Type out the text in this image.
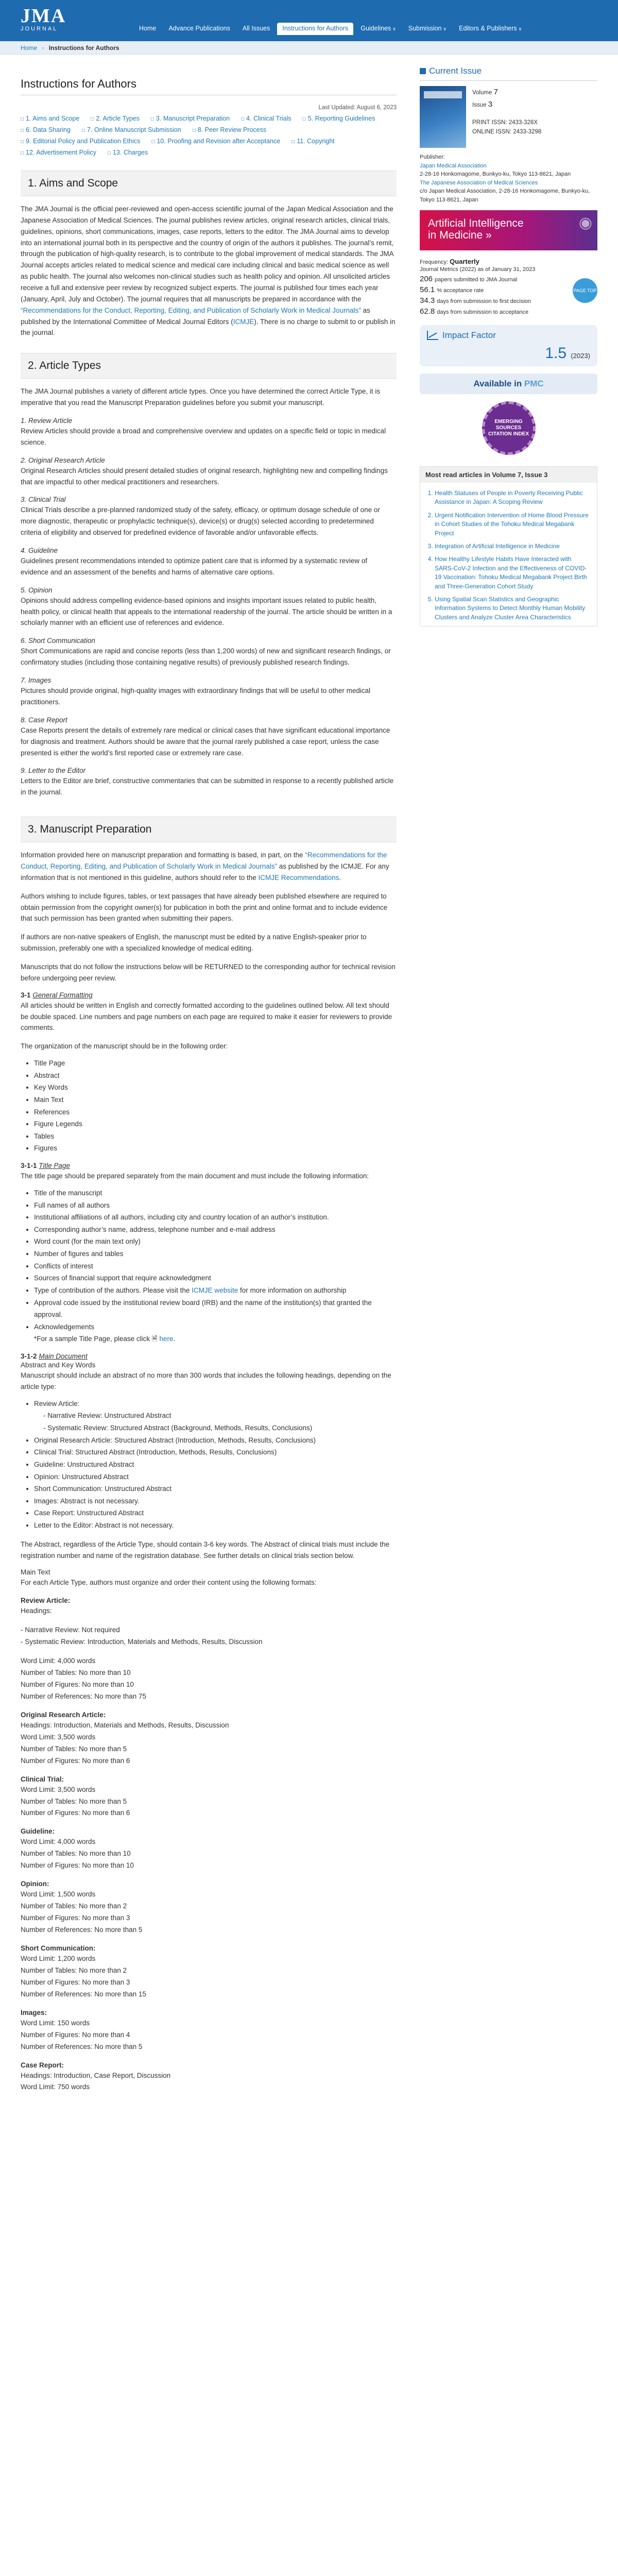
JMA
JOURNAL	Home	Advance Publications	All Issues	Instructions for Authors	Guidelines ∨	Submission ∨	Editors & Publishers ∨
Home › Instructions for Authors
Instructions for Authors
Last Updated: August 6, 2023
□ 1. Aims and Scope	□ 2. Article Types	□ 3. Manuscript Preparation	□ 4. Clinical Trials	□ 5. Reporting Guidelines
□ 6. Data Sharing	□ 7. Online Manuscript Submission	□ 8. Peer Review Process
□ 9. Editorial Policy and Publication Ethics	□ 10. Proofing and Revision after Acceptance	□ 11. Copyright
□ 12. Advertisement Policy	□ 13. Charges
1. Aims and Scope

The JMA Journal is the official peer-reviewed and open-access scientific journal of the Japan Medical Association and the Japanese Association of Medical Sciences. The journal publishes review articles, original research articles, clinical trials, guidelines, opinions, short communications, images, case reports, letters to the editor. The JMA Journal aims to develop into an international journal both in its perspective and the country of origin of the authors it publishes. The journal’s remit, through the publication of high-quality research, is to contribute to the global improvement of medical standards. The JMA Journal accepts articles related to medical science and medical care including clinical and basic medical science as well as public health. The journal also welcomes non-clinical studies such as health policy and opinion. All unsolicited articles receive a full and extensive peer review by recognized subject experts. The journal is published four times each year (January, April, July and October). The journal requires that all manuscripts be prepared in accordance with the “Recommendations for the Conduct, Reporting, Editing, and Publication of Scholarly Work in Medical Journals” as published by the International Committee of Medical Journal Editors (ICMJE). There is no charge to submit to or publish in the journal.

2. Article Types

The JMA Journal publishes a variety of different article types. Once you have determined the correct Article Type, it is imperative that you read the Manuscript Preparation guidelines before you submit your manuscript.

1. Review Article

Review Articles should provide a broad and comprehensive overview and updates on a specific field or topic in medical science.

2. Original Research Article

Original Research Articles should present detailed studies of original research, highlighting new and compelling findings that are impactful to other medical practitioners and researchers.

3. Clinical Trial

Clinical Trials describe a pre-planned randomized study of the safety, efficacy, or optimum dosage schedule of one or more diagnostic, therapeutic or prophylactic technique(s), device(s) or drug(s) selected according to predetermined criteria of eligibility and observed for predefined evidence of favorable and/or unfavorable effects.

4. Guideline

Guidelines present recommendations intended to optimize patient care that is informed by a systematic review of evidence and an assessment of the benefits and harms of alternative care options.

5. Opinion

Opinions should address compelling evidence-based opinions and insights important issues related to public health, health policy, or clinical health that appeals to the international readership of the journal. The article should be written in a scholarly manner with an efficient use of references and evidence.

6. Short Communication

Short Communications are rapid and concise reports (less than 1,200 words) of new and significant research findings, or confirmatory studies (including those containing negative results) of previously published research findings.

7. Images

Pictures should provide original, high-quality images with extraordinary findings that will be useful to other medical practitioners.

8. Case Report

Case Reports present the details of extremely rare medical or clinical cases that have significant educational importance for diagnosis and treatment. Authors should be aware that the journal rarely published a case report, unless the case presented is either the world’s first reported case or extremely rare case.

9. Letter to the Editor

Letters to the Editor are brief, constructive commentaries that can be submitted in response to a recently published article in the journal.

3. Manuscript Preparation

Information provided here on manuscript preparation and formatting is based, in part, on the “Recommendations for the Conduct, Reporting, Editing, and Publication of Scholarly Work in Medical Journals” as published by the ICMJE. For any information that is not mentioned in this guideline, authors should refer to the ICMJE Recommendations.

Authors wishing to include figures, tables, or text passages that have already been published elsewhere are required to obtain permission from the copyright owner(s) for publication in both the print and online format and to include evidence that such permission has been granted when submitting their papers.

If authors are non-native speakers of English, the manuscript must be edited by a native English-speaker prior to submission, preferably one with a specialized knowledge of medical editing.

Manuscripts that do not follow the instructions below will be RETURNED to the corresponding author for technical revision before undergoing peer review.

3-1 General Formatting

All articles should be written in English and correctly formatted according to the guidelines outlined below. All text should be double spaced. Line numbers and page numbers on each page are required to make it easier for reviewers to provide comments.

The organization of the manuscript should be in the following order:

• Title Page
• Abstract
• Key Words
• Main Text
• References
• Figure Legends
• Tables
• Figures
3-1-1 Title Page

The title page should be prepared separately from the main document and must include the following information:

• Title of the manuscript
• Full names of all authors
• Institutional affiliations of all authors, including city and country location of an author’s institution.
• Corresponding author’s name, address, telephone number and e-mail address
• Word count (for the main text only)
• Number of figures and tables
• Conflicts of interest
• Sources of financial support that require acknowledgment
• Type of contribution of the authors. Please visit the ICMJE website for more information on authorship
• Approval code issued by the institutional review board (IRB) and the name of the institution(s) that granted the approval.
• Acknowledgements
*For a sample Title Page, please click 🗎 here.
3-1-2 Main Document
Abstract and Key Words

Manuscript should include an abstract of no more than 300 words that includes the following headings, depending on the article type:

• Review Article:
- Narrative Review: Unstructured Abstract
- Systematic Review: Structured Abstract (Background, Methods, Results, Conclusions)
• Original Research Article: Structured Abstract (Introduction, Methods, Results, Conclusions)
• Clinical Trial: Structured Abstract (Introduction, Methods, Results, Conclusions)
• Guideline: Unstructured Abstract
• Opinion: Unstructured Abstract
• Short Communication: Unstructured Abstract
• Images: Abstract is not necessary.
• Case Report: Unstructured Abstract
• Letter to the Editor: Abstract is not necessary.

The Abstract, regardless of the Article Type, should contain 3-6 key words. The Abstract of clinical trials must include the registration number and name of the registration database. See further details on clinical trials section below.

Main Text

For each Article Type, authors must organize and order their content using the following formats:

Review Article:
Headings:
- Narrative Review: Not required
- Systematic Review: Introduction, Materials and Methods, Results, Discussion
Word Limit: 4,000 words
Number of Tables: No more than 10
Number of Figures: No more than 10
Number of References: No more than 75
Original Research Article:
Headings: Introduction, Materials and Methods, Results, Discussion
Word Limit: 3,500 words
Number of Tables: No more than 5
Number of Figures: No more than 6
Clinical Trial:
Word Limit: 3,500 words
Number of Tables: No more than 5
Number of Figures: No more than 6
Guideline:
Word Limit: 4,000 words
Number of Tables: No more than 10
Number of Figures: No more than 10
Opinion:
Word Limit: 1,500 words
Number of Tables: No more than 2
Number of Figures: No more than 3
Number of References: No more than 5
Short Communication:
Word Limit: 1,200 words
Number of Tables: No more than 2
Number of Figures: No more than 3
Number of References: No more than 15
Images:
Word Limit: 150 words
Number of Figures: No more than 4
Number of References: No more than 5
Case Report:
Headings: Introduction, Case Report, Discussion
Word Limit: 750 words
Current Issue
Volume 7
Issue 3
PRINT ISSN: 2433-328X
ONLINE ISSN: 2433-3298
Publisher:
Japan Medical Association
2-28-16 Honkomagome, Bunkyo-ku, Tokyo 113-8621, Japan
The Japanese Association of Medical Sciences
c/o Japan Medical Association, 2-28-16 Honkomagome, Bunkyo-ku, Tokyo 113-8621, Japan
Artificial Intelligence
in Medicine »
◉
Frequency: Quarterly
Journal Metrics (2022) as of January 31, 2023
206 papers submitted to JMA Journal
56.1 % acceptance rate
34.3 days from submission to first decision
62.8 days from submission to acceptance
PAGE TOP
Impact Factor
1.5 (2023)
Available in PMC
EMERGING SOURCES CITATION INDEX
Most read articles in Volume 7, Issue 3
1. Health Statuses of People in Poverty Receiving Public Assistance in Japan: A Scoping Review
2. Urgent Notification Intervention of Home Blood Pressure in Cohort Studies of the Tohoku Medical Megabank Project
3. Integration of Artificial Intelligence in Medicine
4. How Healthy Lifestyle Habits Have Interacted with SARS-CoV-2 Infection and the Effectiveness of COVID-19 Vaccination: Tohoku Medical Megabank Project Birth and Three-Generation Cohort Study
5. Using Spatial Scan Statistics and Geographic Information Systems to Detect Monthly Human Mobility Clusters and Analyze Cluster Area Characteristics
